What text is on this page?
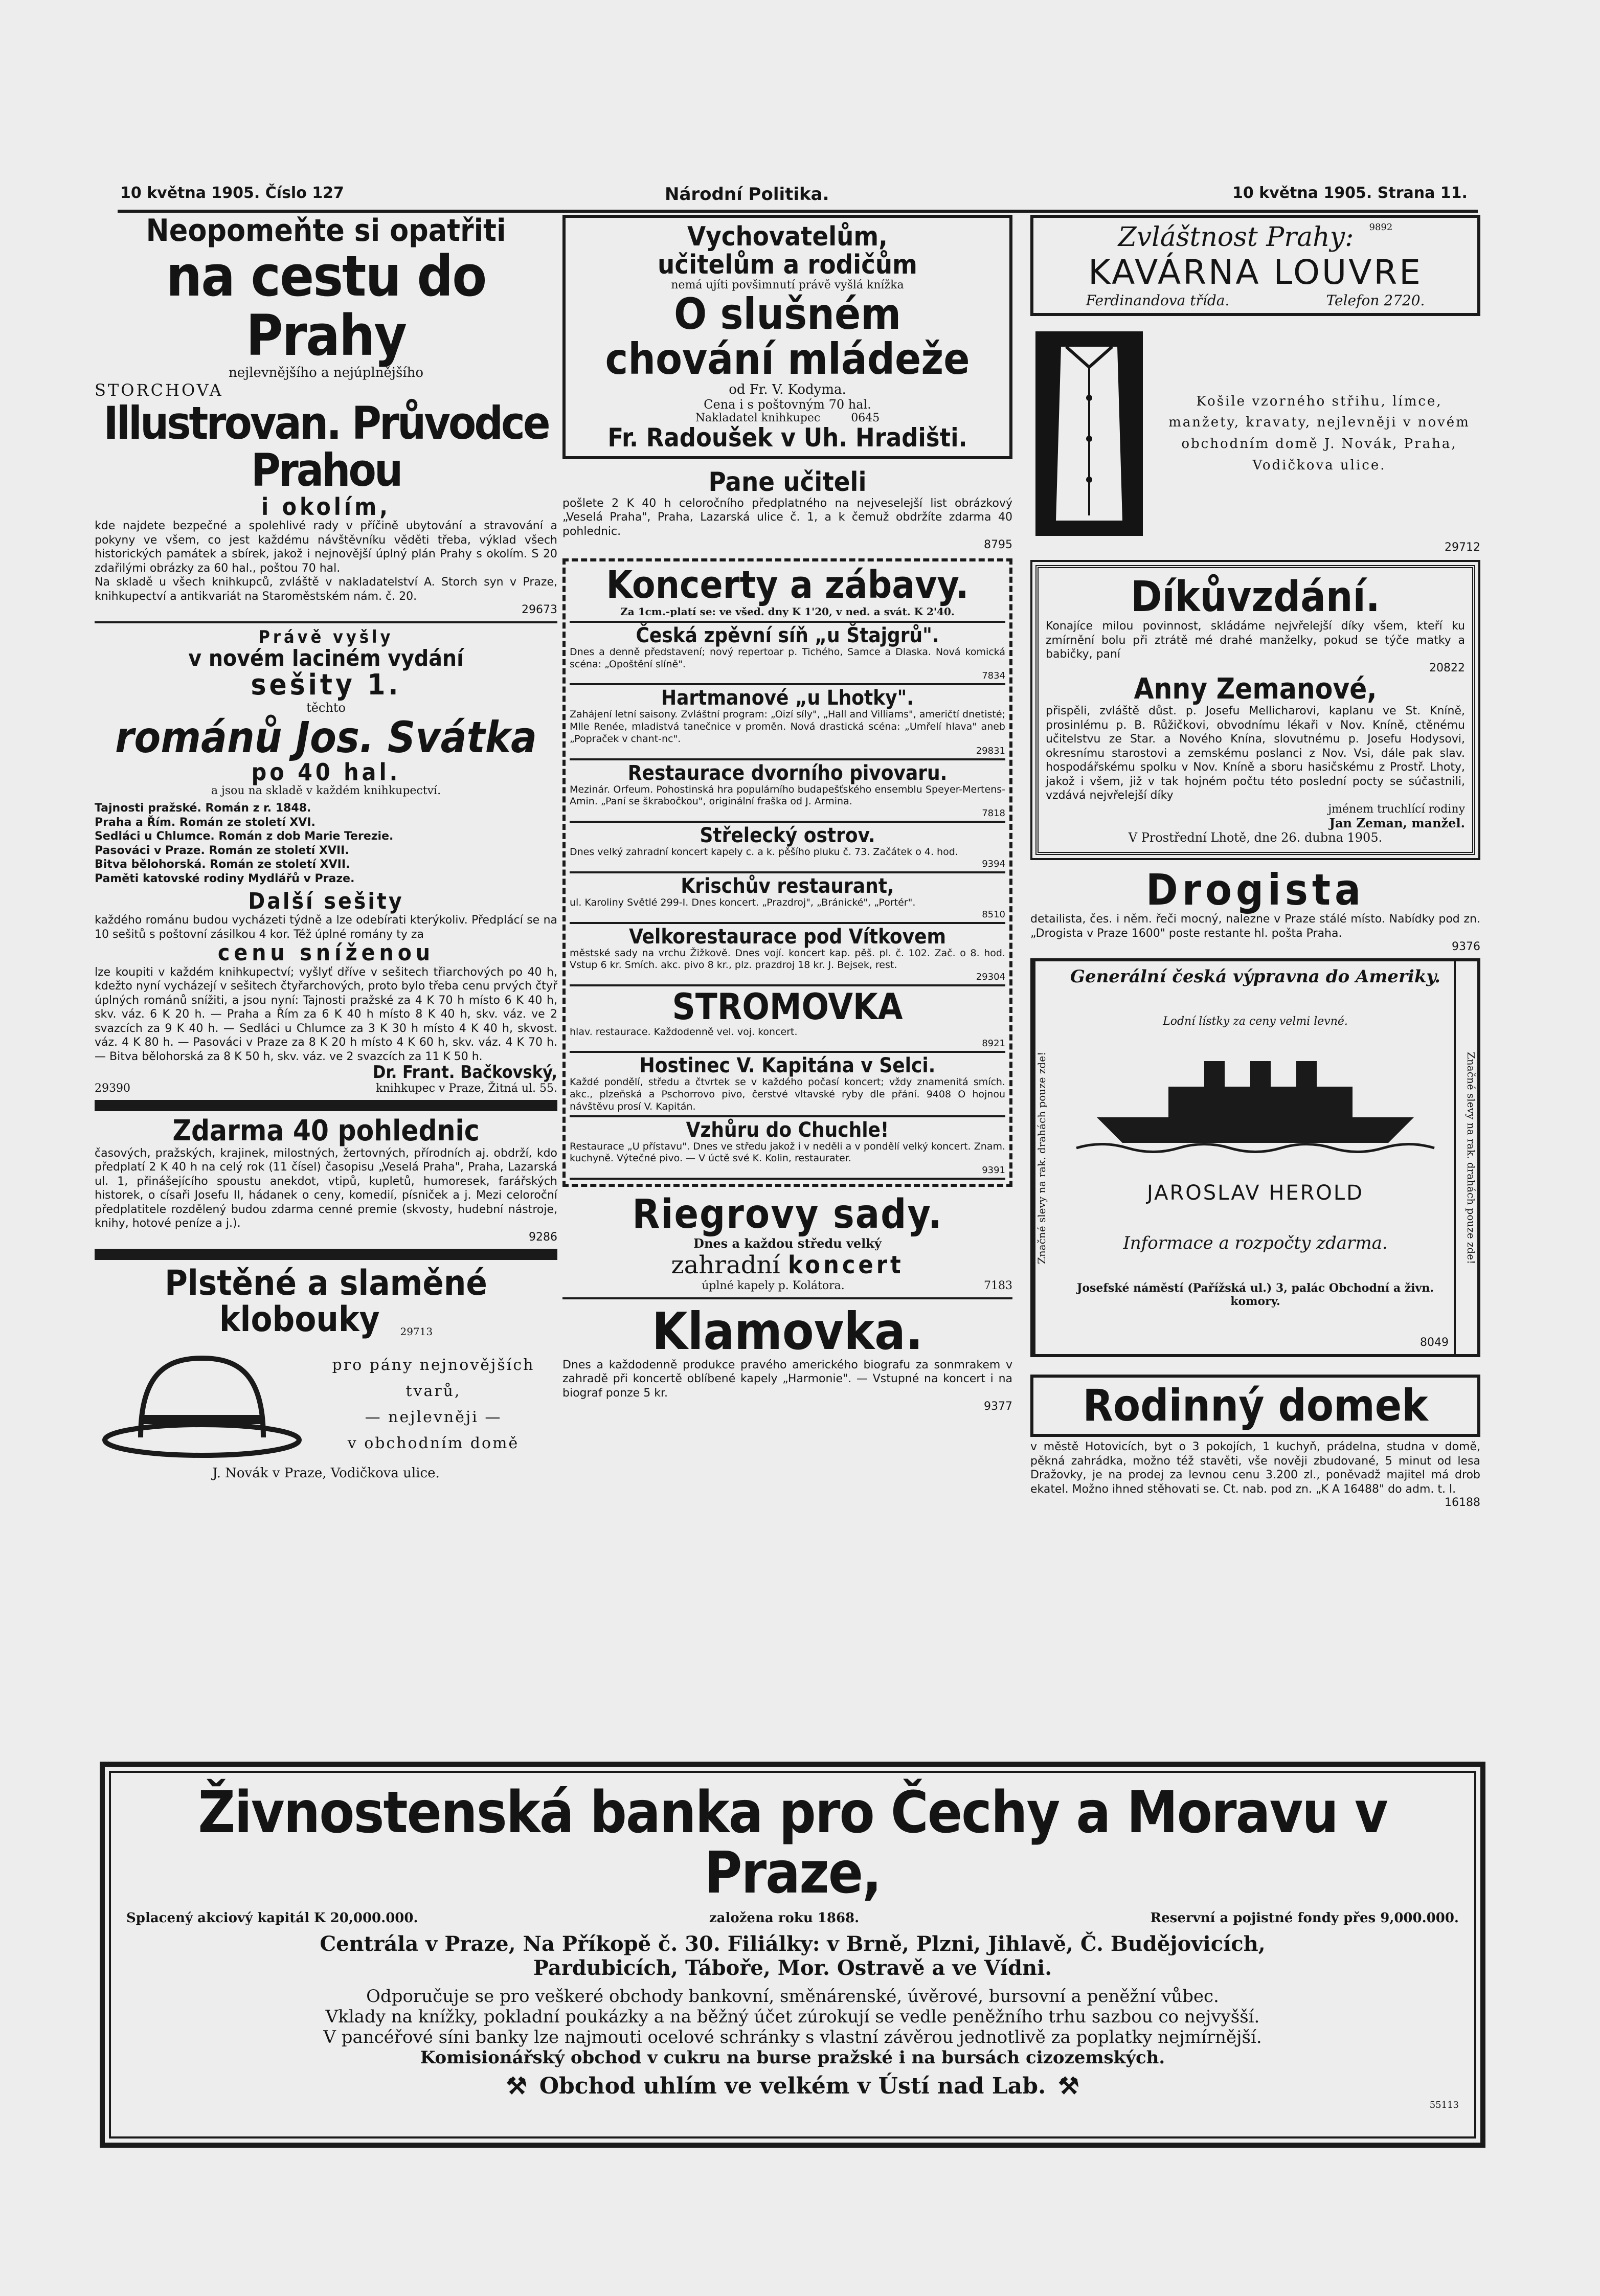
10 května 1905. Číslo 127	Národní Politika.	10 května 1905. Strana 11.
Neopomeňte si opatřiti
na cestu do Prahy
nejlevnějšího a nejúplnějšího
STORCHOVA
Illustrovan. Průvodce Prahou
i okolím,
kde najdete bezpečné a spolehlivé rady v příčině ubytování a stravování a pokyny ve všem, co jest každému návštěvníku věděti třeba, výklad všech historických památek a sbírek, jakož i nejnovější úplný plán Prahy s okolím. S 20 zdařilými obrázky za 60 hal., poštou 70 hal.
Na skladě u všech knihkupců, zvláště v nakladatelství A. Storch syn v Praze, knihkupectví a antikvariát na Staroměstském nám. č. 20.
29673
Právě vyšly
v novém laciném vydání
sešity 1.
těchto
románů Jos. Svátka
po 40 hal.
a jsou na skladě v každém knihkupectví.
Tajnosti pražské. Román z r. 1848.
Praha a Řím. Román ze století XVI.
Sedláci u Chlumce. Román z dob Marie Terezie.
Pasováci v Praze. Román ze století XVII.
Bitva bělohorská. Román ze století XVII.
Paměti katovské rodiny Mydlářů v Praze.
Další sešity
každého románu budou vycházeti týdně a lze odebírati kterýkoliv. Předplácí se na 10 sešitů s poštovní zásilkou 4 kor. Též úplné romány ty za
cenu sníženou
lze koupiti v každém knihkupectví; vyšlyť dříve v sešitech třiarchových po 40 h, kdežto nyní vycházejí v sešitech čtyřarchových, proto bylo třeba cenu prvých čtyř úplných románů snížiti, a jsou nyní: Tajnosti pražské za 4 K 70 h místo 6 K 40 h, skv. váz. 6 K 20 h. — Praha a Řím za 6 K 40 h místo 8 K 40 h, skv. váz. ve 2 svazcích za 9 K 40 h. — Sedláci u Chlumce za 3 K 30 h místo 4 K 40 h, skvost. váz. 4 K 80 h. — Pasováci v Praze za 8 K 20 h místo 4 K 60 h, skv. váz. 4 K 70 h. — Bitva bělohorská za 8 K 50 h, skv. váz. ve 2 svazcích za 11 K 50 h.
Dr. Frant. Bačkovský,
29390	knihkupec v Praze, Žitná ul. 55.
Zdarma 40 pohlednic
časových, pražských, krajinek, milostných, žertovných, přírodních aj. obdrží, kdo předplatí 2 K 40 h na celý rok (11 čísel) časopisu „Veselá Praha", Praha, Lazarská ul. 1, přinášejícího spoustu anekdot, vtipů, kupletů, humoresek, farářských historek, o císaři Josefu II, hádanek o ceny, komedií, písniček a j. Mezi celoroční předplatitele rozdělený budou zdarma cenné premie (skvosty, hudební nástroje, knihy, hotové peníze a j.).
9286
Plstěné a slaměné
klobouky 29713
pro pány nejnovějších
tvarů,
— nejlevněji —
v obchodním domě
J. Novák v Praze, Vodičkova ulice.
Vychovatelům,
učitelům a rodičům
nemá ujíti povšimnutí právě vyšlá knížka
O slušném
chování mládeže
od Fr. V. Kodyma.
Cena i s poštovným 70 hal.
Nakladatel knihkupec	0645
Fr. Radoušek v Uh. Hradišti.
Pane učiteli
pošlete 2 K 40 h celoročního předplatného na nejveselejší list obrázkový „Veselá Praha", Praha, Lazarská ulice č. 1, a k čemuž obdržíte zdarma 40 pohlednic.
8795
Koncerty a zábavy.
Za 1cm.-platí se: ve všed. dny K 1'20, v ned. a svát. K 2'40.
Česká zpěvní síň „u Štajgrů".
Dnes a denně představení; nový repertoar p. Tichého, Samce a Dlaska. Nová komická scéna: „Opoštění slíně".
7834
Hartmanové „u Lhotky".
Zahájení letní saisony. Zvláštní program: „Oizí síly", „Hall and Villiams", američtí dnetisté; Mlle Renée, mladistvá tanečnice v proměn. Nová drastická scéna: „Umřelí hlava" aneb „Popraček v chant-nc".
29831
Restaurace dvorního pivovaru.
Mezinár. Orfeum. Pohostinská hra populárního budapešťského ensemblu Speyer-Mertens-Amin. „Paní se škrabočkou", originální fraška od J. Armina.
7818
Střelecký ostrov.
Dnes velký zahradní koncert kapely c. a k. pěšího pluku č. 73. Začátek o 4. hod.
9394
Krischův restaurant,
ul. Karoliny Světlé 299-I. Dnes koncert. „Prazdroj", „Bránické", „Portér".
8510
Velkorestaurace pod Vítkovem
městské sady na vrchu Žižkově. Dnes vojí. koncert kap. pěš. pl. č. 102. Zač. o 8. hod. Vstup 6 kr. Smích. akc. pivo 8 kr., plz. prazdroj 18 kr. J. Bejsek, rest.
29304
STROMOVKA
hlav. restaurace. Každodenně vel. voj. koncert.
8921
Hostinec V. Kapitána v Selci.
Každé pondělí, středu a čtvrtek se v každého počasí koncert; vždy znamenitá smích. akc., plzeňská a Pschorrovo pivo, čerstvé vltavské ryby dle přání. 9408 O hojnou návštěvu prosí V. Kapitán.
Vzhůru do Chuchle!
Restaurace „U přístavu". Dnes ve středu jakož i v neděli a v pondělí velký koncert. Znam. kuchyně. Výtečné pivo. — V úctě své K. Kolin, restaurater.
9391
Riegrovy sady.
Dnes a každou středu velký
zahradní koncert
úplné kapely p. Kolátora.	7183
Klamovka.
Dnes a každodenně produkce pravého amerického biografu za sonmrakem v zahradě při koncertě oblíbené kapely „Harmonie". — Vstupné na koncert i na biograf ponze 5 kr.
9377
Zvláštnost Prahy: 9892
KAVÁRNA LOUVRE
Ferdinandova třída.	Telefon 2720.
Košile vzorného střihu, límce, manžety, kravaty, nejlevněji v novém obchodním domě J. Novák, Praha, Vodičkova ulice.
29712
Díkůvzdání.
Konajíce milou povinnost, skládáme nejvřelejší díky všem, kteří ku zmírnění bolu při ztrátě mé drahé manželky, pokud se týče matky a babičky, paní
20822
Anny Zemanové,
přispěli, zvláště důst. p. Josefu Mellicharovi, kaplanu ve St. Kníně, prosinlému p. B. Růžičkovi, obvodnímu lékaři v Nov. Kníně, ctěnému učitelstvu ze Star. a Nového Knína, slovutnému p. Josefu Hodysovi, okresnímu starostovi a zemskému poslanci z Nov. Vsi, dále pak slav. hospodářskému spolku v Nov. Kníně a sboru hasičskému z Prostř. Lhoty, jakož i všem, již v tak hojném počtu této poslední pocty se súčastnili, vzdává nejvřelejší díky
jménem truchlící rodiny
Jan Zeman, manžel.
V Prostřední Lhotě, dne 26. dubna 1905.
Drogista
detailista, čes. i něm. řeči mocný, nalezne v Praze stálé místo. Nabídky pod zn. „Drogista v Praze 1600" poste restante hl. pošta Praha.
9376
Značné slevy na rak. drahách pouze zde!
Generální česká výpravna do Ameriky.
Lodní lístky za ceny velmi levné.
JAROSLAV HEROLD
Informace a rozpočty zdarma.
Josefské náměstí (Pařížská ul.) 3, palác Obchodní a živn. komory.
8049
Značné slevy na rak. drahách pouze zde!
Rodinný domek
v městě Hotovicích, byt o 3 pokojích, 1 kuchyň, prádelna, studna v domě, pěkná zahrádka, možno též stavěti, vše nověji zbudované, 5 minut od lesa Dražovky, je na prodej za levnou cenu 3.200 zl., poněvadž majitel má drob ekatel. Možno ihned stěhovati se. Ct. nab. pod zn. „K A 16488" do adm. t. l.
16188
Živnostenská banka pro Čechy a Moravu v Praze,
Splacený akciový kapitál K 20,000.000.	založena roku 1868.	Reservní a pojistné fondy přes 9,000.000.
Centrála v Praze, Na Příkopě č. 30. Filiálky: v Brně, Plzni, Jihlavě, Č. Budějovicích,
Pardubicích, Táboře, Mor. Ostravě a ve Vídni.
Odporučuje se pro veškeré obchody bankovní, směnárenské, úvěrové, bursovní a peněžní vůbec.
Vklady na knížky, pokladní poukázky a na běžný účet zúrokují se vedle peněžního trhu sazbou co nejvyšší.
V pancéřové síni banky lze najmouti ocelové schránky s vlastní závěrou jednotlivě za poplatky nejmírnější.
Komisionářský obchod v cukru na burse pražské i na bursách cizozemských.
⚒ Obchod uhlím ve velkém v Ústí nad Lab. ⚒
55113
